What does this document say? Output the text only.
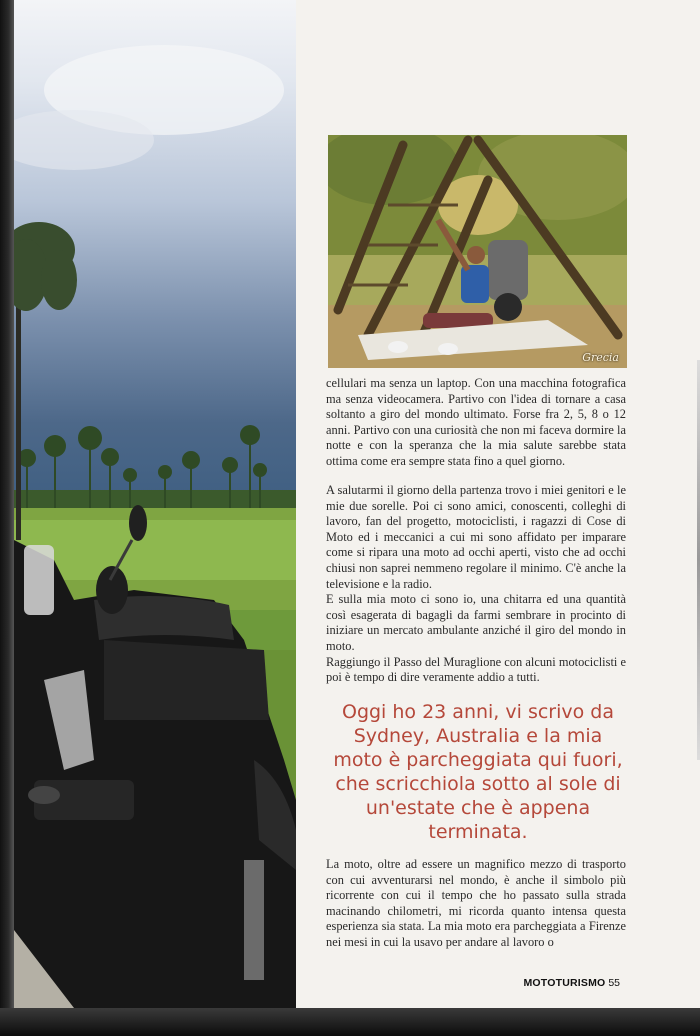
Grecia

cellulari ma senza un laptop. Con una macchina fotografica ma senza videocamera. Partivo con l'idea di tornare a casa soltanto a giro del mondo ultimato. Forse fra 2, 5, 8 o 12 anni. Partivo con una curiosità che non mi faceva dormire la notte e con la speranza che la mia salute sarebbe stata ottima come era sempre stata fino a quel giorno.

A salutarmi il giorno della partenza trovo i miei genitori e le mie due sorelle. Poi ci sono amici, conoscenti, colleghi di lavoro, fan del progetto, motociclisti, i ragazzi di Cose di Moto ed i meccanici a cui mi sono affidato per imparare come si ripara una moto ad occhi aperti, visto che ad occhi chiusi non saprei nemmeno regolare il minimo. C'è anche la televisione e la radio.

E sulla mia moto ci sono io, una chitarra ed una quantità così esagerata di bagagli da farmi sembrare in procinto di iniziare un mercato ambulante anziché il giro del mondo in moto.

Raggiungo il Passo del Muraglione con alcuni motociclisti e poi è tempo di dire veramente addio a tutti.

Oggi ho 23 anni, vi scrivo da Sydney, Australia e la mia moto è parcheggiata qui fuori, che scricchiola sotto al sole di un'estate che è appena terminata.

La moto, oltre ad essere un magnifico mezzo di trasporto con cui avventurarsi nel mondo, è anche il simbolo più ricorrente con cui il tempo che ho passato sulla strada macinando chilometri, mi ricorda quanto intensa questa esperienza sia stata. La mia moto era parcheggiata a Firenze nei mesi in cui la usavo per andare al lavoro o

MOTOTURISMO 55
